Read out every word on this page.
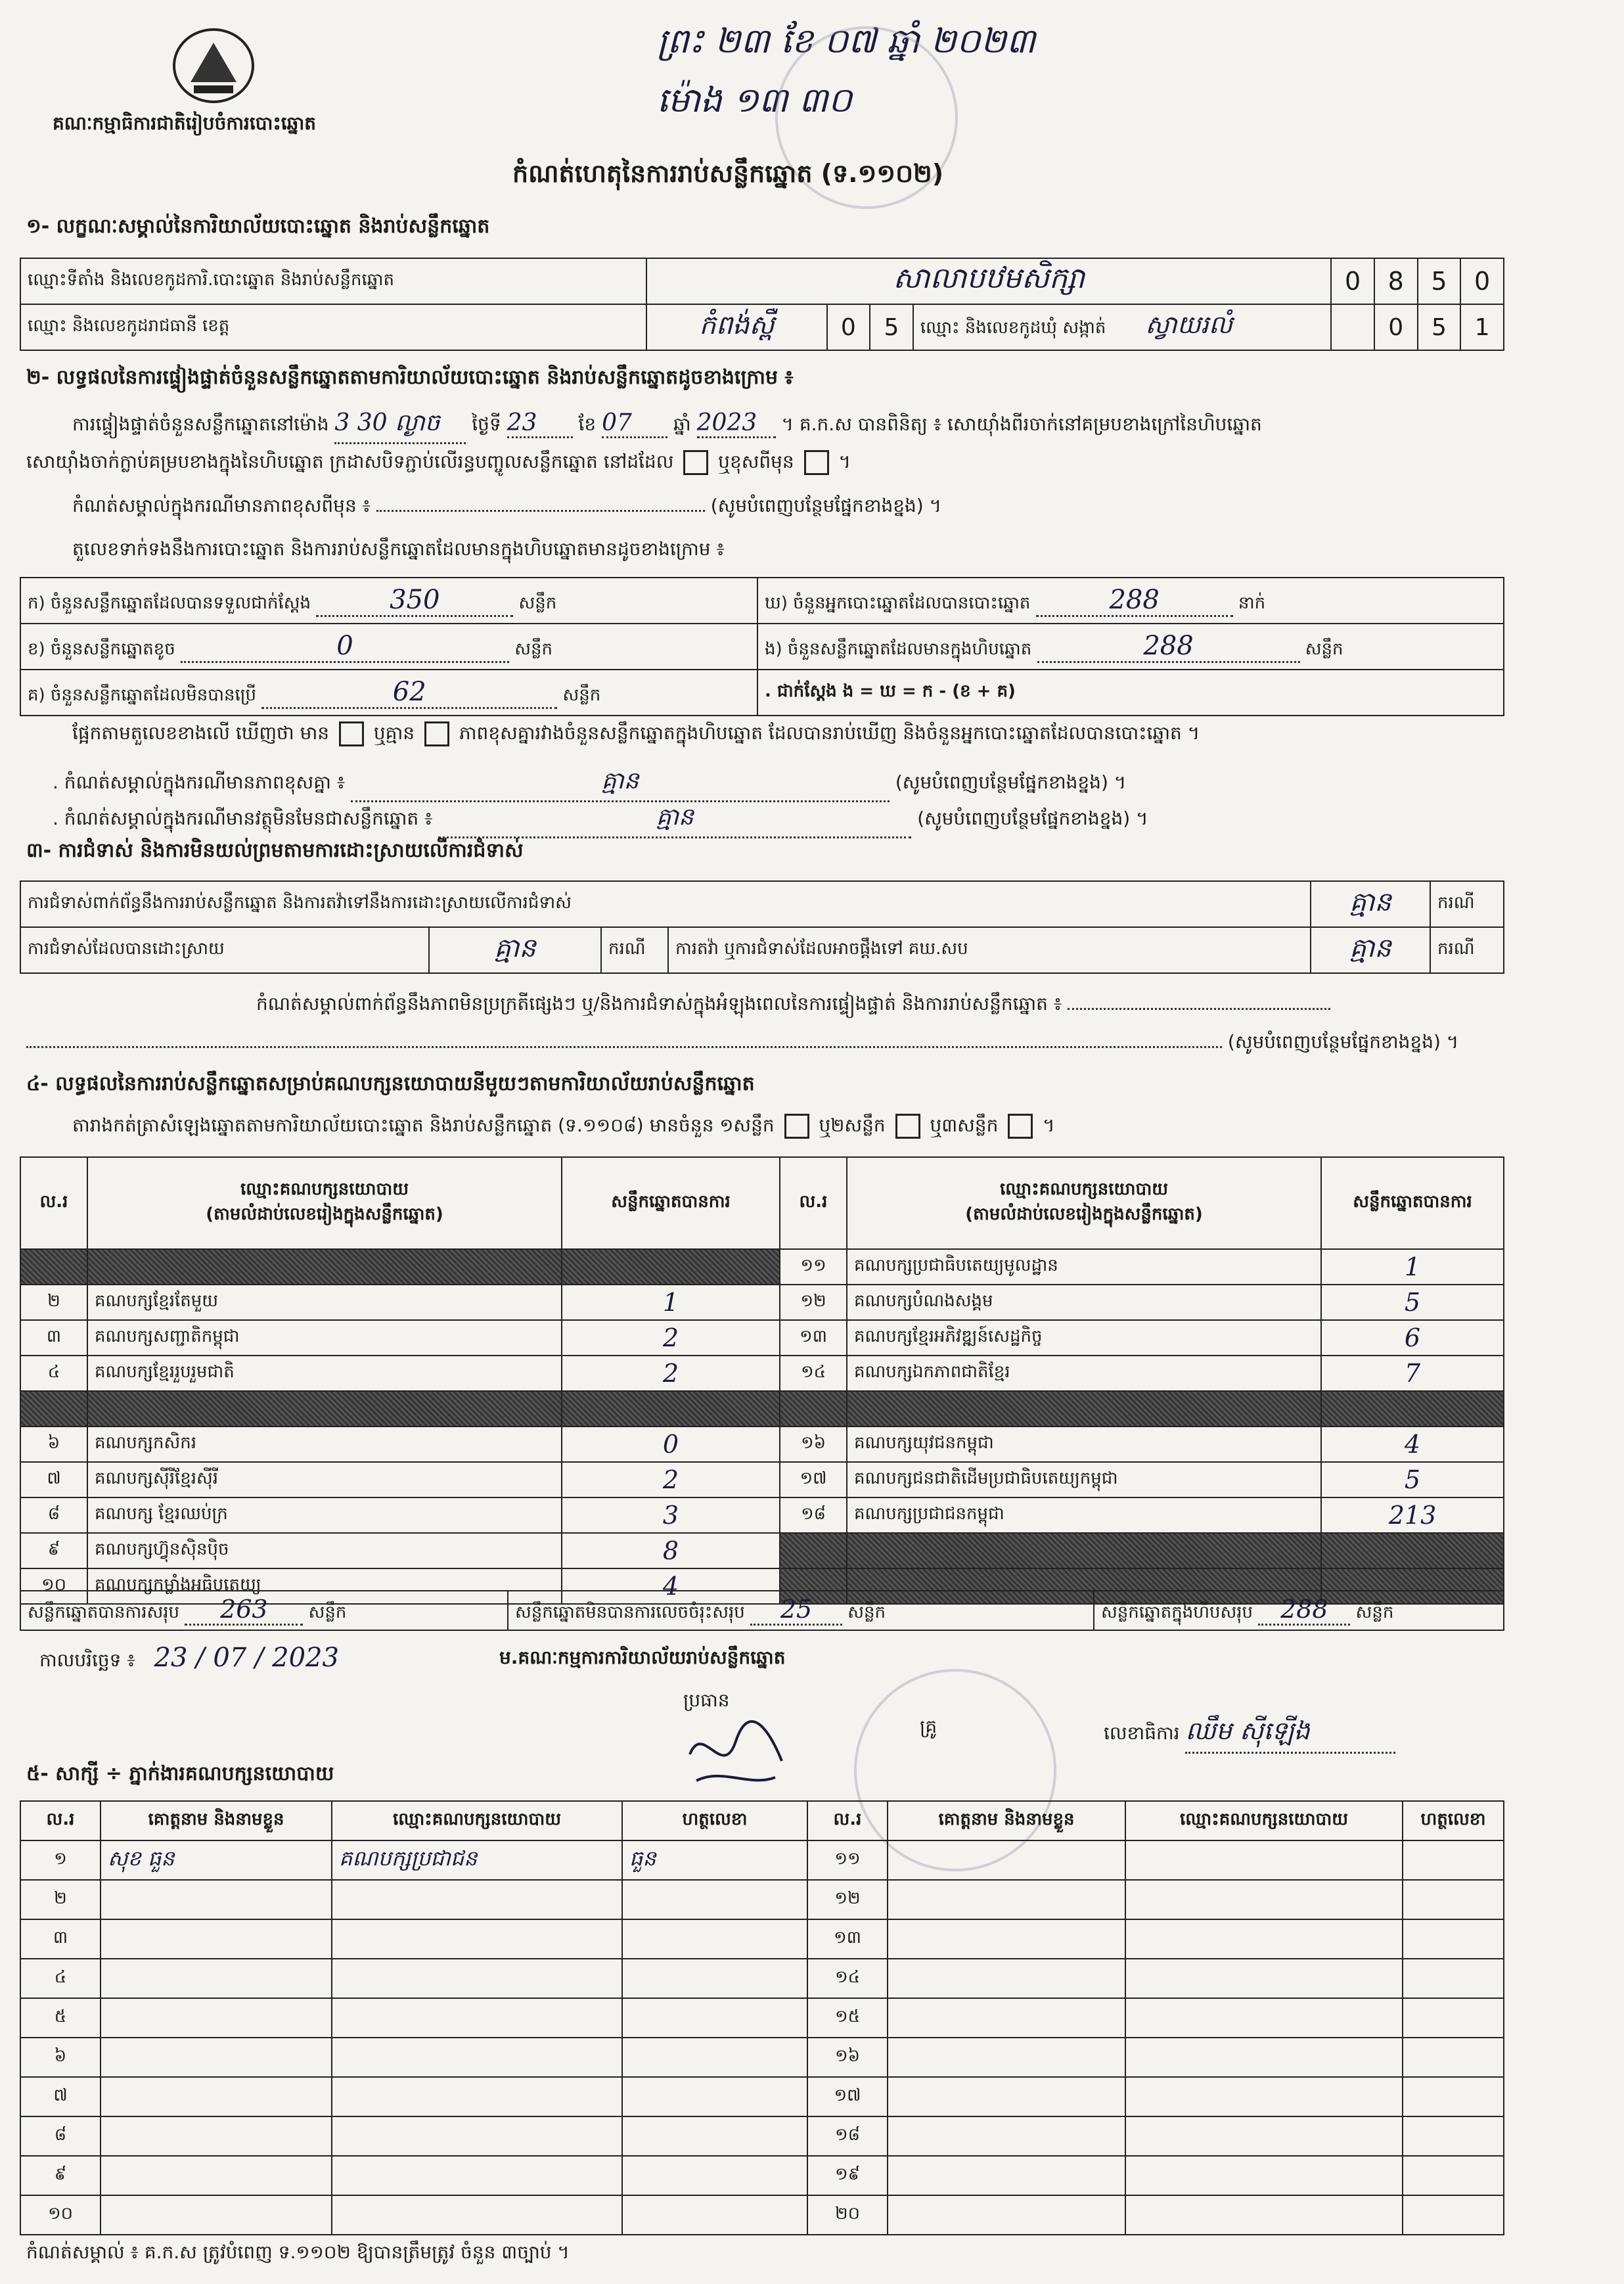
គណៈកម្មាធិការជាតិរៀបចំការបោះឆ្នោត
ព្រះ ២៣ ខែ ០៧ ឆ្នាំ ២០២៣
ម៉ោង ១៣ ៣០
កំណត់ហេតុនៃការរាប់សន្លឹកឆ្នោត (ទ.១១០២)
១- លក្ខណៈសម្គាល់នៃការិយាល័យបោះឆ្នោត និងរាប់សន្លឹកឆ្នោត
ឈ្មោះទីតាំង និងលេខកូដការិ.បោះឆ្នោត និងរាប់សន្លឹកឆ្នោត	សាលាបឋមសិក្សា				0	8	5	0
ឈ្មោះ និងលេខកូដរាជធានី ខេត្ត	កំពង់ស្ពឺ	0	5	ឈ្មោះ និងលេខកូដឃុំ សង្កាត់ ស្វាយរលំ		0	5	1
២- លទ្ធផលនៃការផ្ទៀងផ្ទាត់ចំនួនសន្លឹកឆ្នោតតាមការិយាល័យបោះឆ្នោត និងរាប់សន្លឹកឆ្នោតដូចខាងក្រោម ៖
ការផ្ទៀងផ្ទាត់ចំនួនសន្លឹកឆ្នោតនៅម៉ោង 3 30 ល្ងាច ថ្ងៃទី 23 ខែ 07 ឆ្នាំ 2023 ។ គ.ក.ស បានពិនិត្យ ៖ សោយ៉ាំងពីរចាក់នៅគម្របខាងក្រៅនៃហិបឆ្នោត
សោយ៉ាំងចាក់ក្លាប់គម្របខាងក្នុងនៃហិបឆ្នោត ក្រដាសបិទភ្ជាប់លើរន្ធបញ្ចូលសន្លឹកឆ្នោត នៅដដែល ឬខុសពីមុន  ។
កំណត់សម្គាល់ក្នុងករណីមានភាពខុសពីមុន ៖	(សូមបំពេញបន្ថែមផ្នែកខាងខ្នង) ។
តួលេខទាក់ទងនឹងការបោះឆ្នោត និងការរាប់សន្លឹកឆ្នោតដែលមានក្នុងហិបឆ្នោតមានដូចខាងក្រោម ៖
ក) ចំនួនសន្លឹកឆ្នោតដែលបានទទួលជាក់ស្តែង 350 សន្លឹក	ឃ) ចំនួនអ្នកបោះឆ្នោតដែលបានបោះឆ្នោត 288 នាក់
ខ) ចំនួនសន្លឹកឆ្នោតខូច 0 សន្លឹក	ង) ចំនួនសន្លឹកឆ្នោតដែលមានក្នុងហិបឆ្នោត 288 សន្លឹក
គ) ចំនួនសន្លឹកឆ្នោតដែលមិនបានប្រើ 62 សន្លឹក	. ជាក់ស្តែង ង = ឃ = ក - (ខ + គ)
ផ្អែកតាមតួលេខខាងលើ ឃើញថា មាន ឬគ្មាន ភាពខុសគ្នារវាងចំនួនសន្លឹកឆ្នោតក្នុងហិបឆ្នោត ដែលបានរាប់ឃើញ និងចំនួនអ្នកបោះឆ្នោតដែលបានបោះឆ្នោត ។
. កំណត់សម្គាល់ក្នុងករណីមានភាពខុសគ្នា ៖	គ្មាន	(សូមបំពេញបន្ថែមផ្នែកខាងខ្នង) ។
. កំណត់សម្គាល់ក្នុងករណីមានវត្ថុមិនមែនជាសន្លឹកឆ្នោត ៖	គ្មាន	(សូមបំពេញបន្ថែមផ្នែកខាងខ្នង) ។
៣- ការជំទាស់ និងការមិនយល់ព្រមតាមការដោះស្រាយលើការជំទាស់
ការជំទាស់ពាក់ព័ន្ធនឹងការរាប់សន្លឹកឆ្នោត និងការតវ៉ាទៅនឹងការដោះស្រាយលើការជំទាស់				គ្មាន	ករណី
ការជំទាស់ដែលបានដោះស្រាយ	គ្មាន	ករណី	ការតវ៉ា ឬការជំទាស់ដែលអាចផ្តឹងទៅ គឃ.សប	គ្មាន	ករណី
កំណត់សម្គាល់ពាក់ព័ន្ធនឹងភាពមិនប្រក្រតីផ្សេងៗ ឬ/និងការជំទាស់ក្នុងអំឡុងពេលនៃការផ្ទៀងផ្ទាត់ និងការរាប់សន្លឹកឆ្នោត ៖
(សូមបំពេញបន្ថែមផ្នែកខាងខ្នង) ។
៤- លទ្ធផលនៃការរាប់សន្លឹកឆ្នោតសម្រាប់គណបក្សនយោបាយនីមួយៗតាមការិយាល័យរាប់សន្លឹកឆ្នោត
តារាងកត់ត្រាសំឡេងឆ្នោតតាមការិយាល័យបោះឆ្នោត និងរាប់សន្លឹកឆ្នោត (ទ.១១០៨) មានចំនួន ១សន្លឹក ឬ២សន្លឹក ឬ៣សន្លឹក  ។
ល.រ	ឈ្មោះគណបក្សនយោបាយ
(តាមលំដាប់លេខរៀងក្នុងសន្លឹកឆ្នោត)	សន្លឹកឆ្នោតបានការ	ល.រ	ឈ្មោះគណបក្សនយោបាយ
(តាមលំដាប់លេខរៀងក្នុងសន្លឹកឆ្នោត)	សន្លឹកឆ្នោតបានការ
			១១	គណបក្សប្រជាធិបតេយ្យមូលដ្ឋាន	1
២	គណបក្សខ្មែរតែមួយ	1	១២	គណបក្សបំណងសង្គម	5
៣	គណបក្សសញ្ជាតិកម្ពុជា	2	១៣	គណបក្សខ្មែរអភិវឌ្ឍន៍សេដ្ឋកិច្ច	6
៤	គណបក្សខ្មែររួបរួមជាតិ	2	១៤	គណបក្សឯកភាពជាតិខ្មែរ	7

៦	គណបក្សកសិករ	0	១៦	គណបក្សយុវជនកម្ពុជា	4
៧	គណបក្សស៊ីរីខ្មែរស៊ីរី	2	១៧	គណបក្សជនជាតិដើមប្រជាធិបតេយ្យកម្ពុជា	5
៨	គណបក្ស ខ្មែរឈប់ក្រ	3	១៨	គណបក្សប្រជាជនកម្ពុជា	213
៩	គណបក្សហ៊្វុនស៊ិនប៉ិច	8			
១០	គណបក្សកម្លាំងអធិបតេយ្យ	4			
សន្លឹកឆ្នោតបានការសរុប 263 សន្លឹក	សន្លឹកឆ្នោតមិនបានការលេចចំរុះសរុប 25 សន្លឹក	សន្លឹកឆ្នោតក្នុងហិបសរុប 288 សន្លឹក
កាលបរិច្ឆេទ ៖ 23 / 07 / 2023	ម.គណៈកម្មការការិយាល័យរាប់សន្លឹកឆ្នោត
ប្រធាន
គ្រូ	លេខាធិការ ឈឹម ស៊ីឡើង
៥- សាក្សី ÷ ភ្នាក់ងារគណបក្សនយោបាយ
ល.រ	គោត្តនាម និងនាមខ្លួន	ឈ្មោះគណបក្សនយោបាយ	ហត្ថលេខា	ល.រ	គោត្តនាម និងនាមខ្លួន	ឈ្មោះគណបក្សនយោបាយ	ហត្ថលេខា
១	សុខ ធួន	គណបក្សប្រជាជន	ធួន	១១			
២				១២			
៣				១៣			
៤				១៤			
៥				១៥			
៦				១៦			
៧				១៧			
៨				១៨			
៩				១៩			
១០				២០			
កំណត់សម្គាល់ ៖ គ.ក.ស ត្រូវបំពេញ ទ.១១០២ ឱ្យបានត្រឹមត្រូវ ចំនួន ៣ច្បាប់ ។
